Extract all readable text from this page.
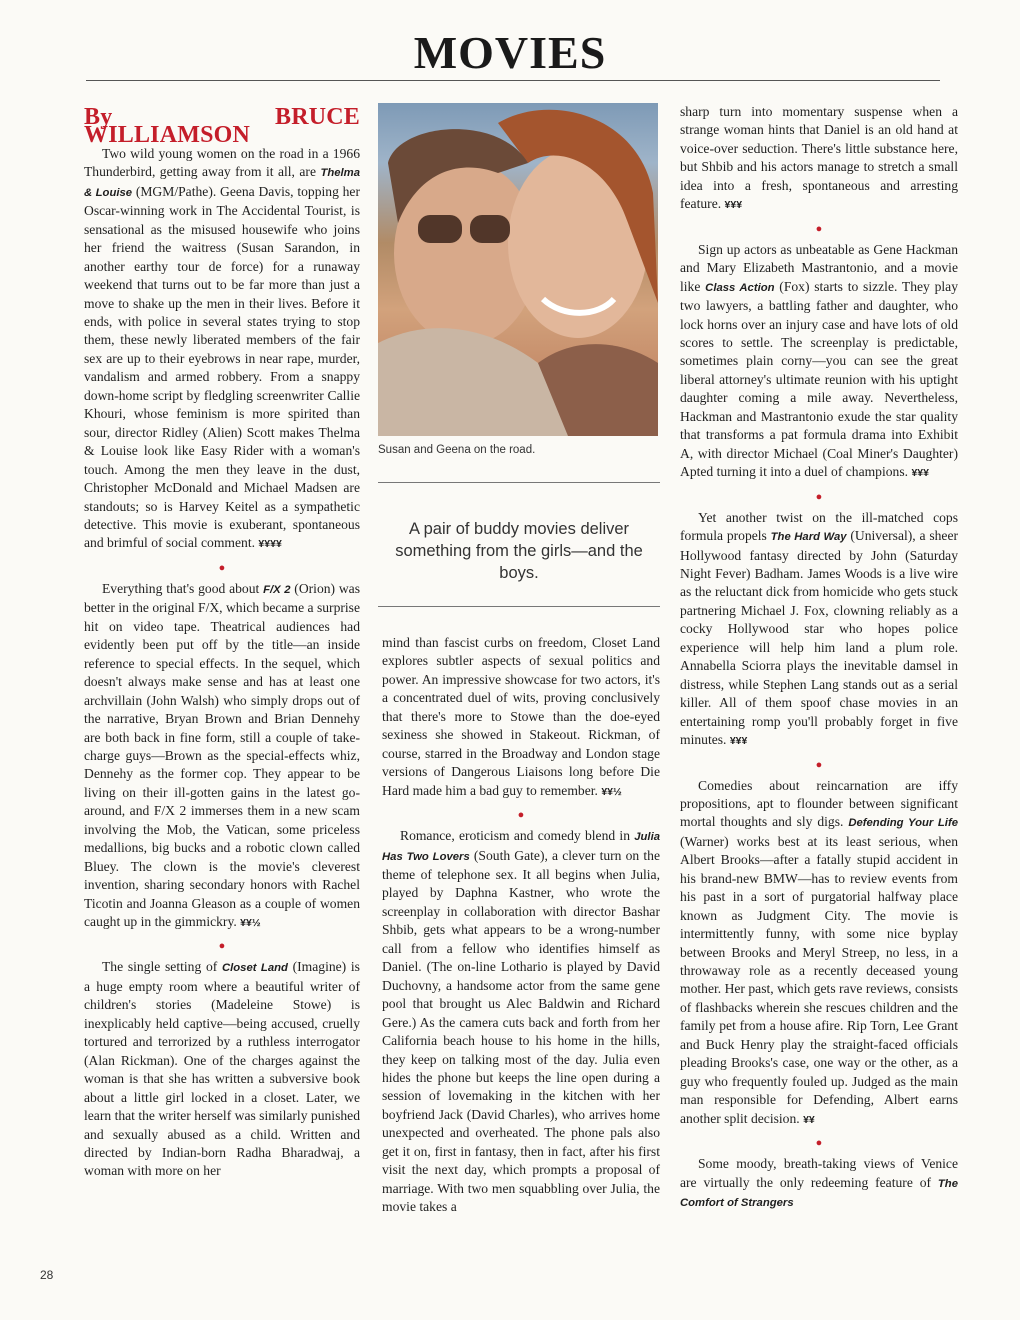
MOVIES

By BRUCE WILLIAMSON

Two wild young women on the road in a 1966 Thunderbird, getting away from it all, are Thelma & Louise (MGM/Pathe). Geena Davis, topping her Oscar-winning work in The Accidental Tourist, is sensational as the misused housewife who joins her friend the waitress (Susan Sarandon, in another earthy tour de force) for a runaway weekend that turns out to be far more than just a move to shake up the men in their lives. Before it ends, with police in several states trying to stop them, these newly liberated members of the fair sex are up to their eyebrows in near rape, murder, vandalism and armed robbery. From a snappy down-home script by fledgling screenwriter Callie Khouri, whose feminism is more spirited than sour, director Ridley (Alien) Scott makes Thelma & Louise look like Easy Rider with a woman's touch. Among the men they leave in the dust, Christopher McDonald and Michael Madsen are standouts; so is Harvey Keitel as a sympathetic detective. This movie is exuberant, spontaneous and brimful of social comment. ¥¥¥¥

●

Everything that's good about F/X 2 (Orion) was better in the original F/X, which became a surprise hit on video tape. Theatrical audiences had evidently been put off by the title—an inside reference to special effects. In the sequel, which doesn't always make sense and has at least one archvillain (John Walsh) who simply drops out of the narrative, Bryan Brown and Brian Dennehy are both back in fine form, still a couple of take-charge guys—Brown as the special-effects whiz, Dennehy as the former cop. They appear to be living on their ill-gotten gains in the latest go-around, and F/X 2 immerses them in a new scam involving the Mob, the Vatican, some priceless medallions, big bucks and a robotic clown called Bluey. The clown is the movie's cleverest invention, sharing secondary honors with Rachel Ticotin and Joanna Gleason as a couple of women caught up in the gimmickry. ¥¥½

●

The single setting of Closet Land (Imagine) is a huge empty room where a beautiful writer of children's stories (Madeleine Stowe) is inexplicably held captive—being accused, cruelly tortured and terrorized by a ruthless interrogator (Alan Rickman). One of the charges against the woman is that she has written a subversive book about a little girl locked in a closet. Later, we learn that the writer herself was similarly punished and sexually abused as a child. Written and directed by Indian-born Radha Bharadwaj, a woman with more on her

Susan and Geena on the road.
A pair of buddy movies deliver something from the girls—and the boys.

mind than fascist curbs on freedom, Closet Land explores subtler aspects of sexual politics and power. An impressive showcase for two actors, it's a concentrated duel of wits, proving conclusively that there's more to Stowe than the doe-eyed sexiness she showed in Stakeout. Rickman, of course, starred in the Broadway and London stage versions of Dangerous Liaisons long before Die Hard made him a bad guy to remember. ¥¥½

●

Romance, eroticism and comedy blend in Julia Has Two Lovers (South Gate), a clever turn on the theme of telephone sex. It all begins when Julia, played by Daphna Kastner, who wrote the screenplay in collaboration with director Bashar Shbib, gets what appears to be a wrong-number call from a fellow who identifies himself as Daniel. (The on-line Lothario is played by David Duchovny, a handsome actor from the same gene pool that brought us Alec Baldwin and Richard Gere.) As the camera cuts back and forth from her California beach house to his home in the hills, they keep on talking most of the day. Julia even hides the phone but keeps the line open during a session of lovemaking in the kitchen with her boyfriend Jack (David Charles), who arrives home unexpected and overheated. The phone pals also get it on, first in fantasy, then in fact, after his first visit the next day, which prompts a proposal of marriage. With two men squabbling over Julia, the movie takes a

sharp turn into momentary suspense when a strange woman hints that Daniel is an old hand at voice-over seduction. There's little substance here, but Shbib and his actors manage to stretch a small idea into a fresh, spontaneous and arresting feature. ¥¥¥

●

Sign up actors as unbeatable as Gene Hackman and Mary Elizabeth Mastrantonio, and a movie like Class Action (Fox) starts to sizzle. They play two lawyers, a battling father and daughter, who lock horns over an injury case and have lots of old scores to settle. The screenplay is predictable, sometimes plain corny—you can see the great liberal attorney's ultimate reunion with his uptight daughter coming a mile away. Nevertheless, Hackman and Mastrantonio exude the star quality that transforms a pat formula drama into Exhibit A, with director Michael (Coal Miner's Daughter) Apted turning it into a duel of champions. ¥¥¥

●

Yet another twist on the ill-matched cops formula propels The Hard Way (Universal), a sheer Hollywood fantasy directed by John (Saturday Night Fever) Badham. James Woods is a live wire as the reluctant dick from homicide who gets stuck partnering Michael J. Fox, clowning reliably as a cocky Hollywood star who hopes police experience will help him land a plum role. Annabella Sciorra plays the inevitable damsel in distress, while Stephen Lang stands out as a serial killer. All of them spoof chase movies in an entertaining romp you'll probably forget in five minutes. ¥¥¥

●

Comedies about reincarnation are iffy propositions, apt to flounder between significant mortal thoughts and sly digs. Defending Your Life (Warner) works best at its least serious, when Albert Brooks—after a fatally stupid accident in his brand-new BMW—has to review events from his past in a sort of purgatorial halfway place known as Judgment City. The movie is intermittently funny, with some nice byplay between Brooks and Meryl Streep, no less, in a throwaway role as a recently deceased young mother. Her past, which gets rave reviews, consists of flashbacks wherein she rescues children and the family pet from a house afire. Rip Torn, Lee Grant and Buck Henry play the straight-faced officials pleading Brooks's case, one way or the other, as a guy who frequently fouled up. Judged as the main man responsible for Defending, Albert earns another split decision. ¥¥

●

Some moody, breath-taking views of Venice are virtually the only redeeming feature of The Comfort of Strangers

28
